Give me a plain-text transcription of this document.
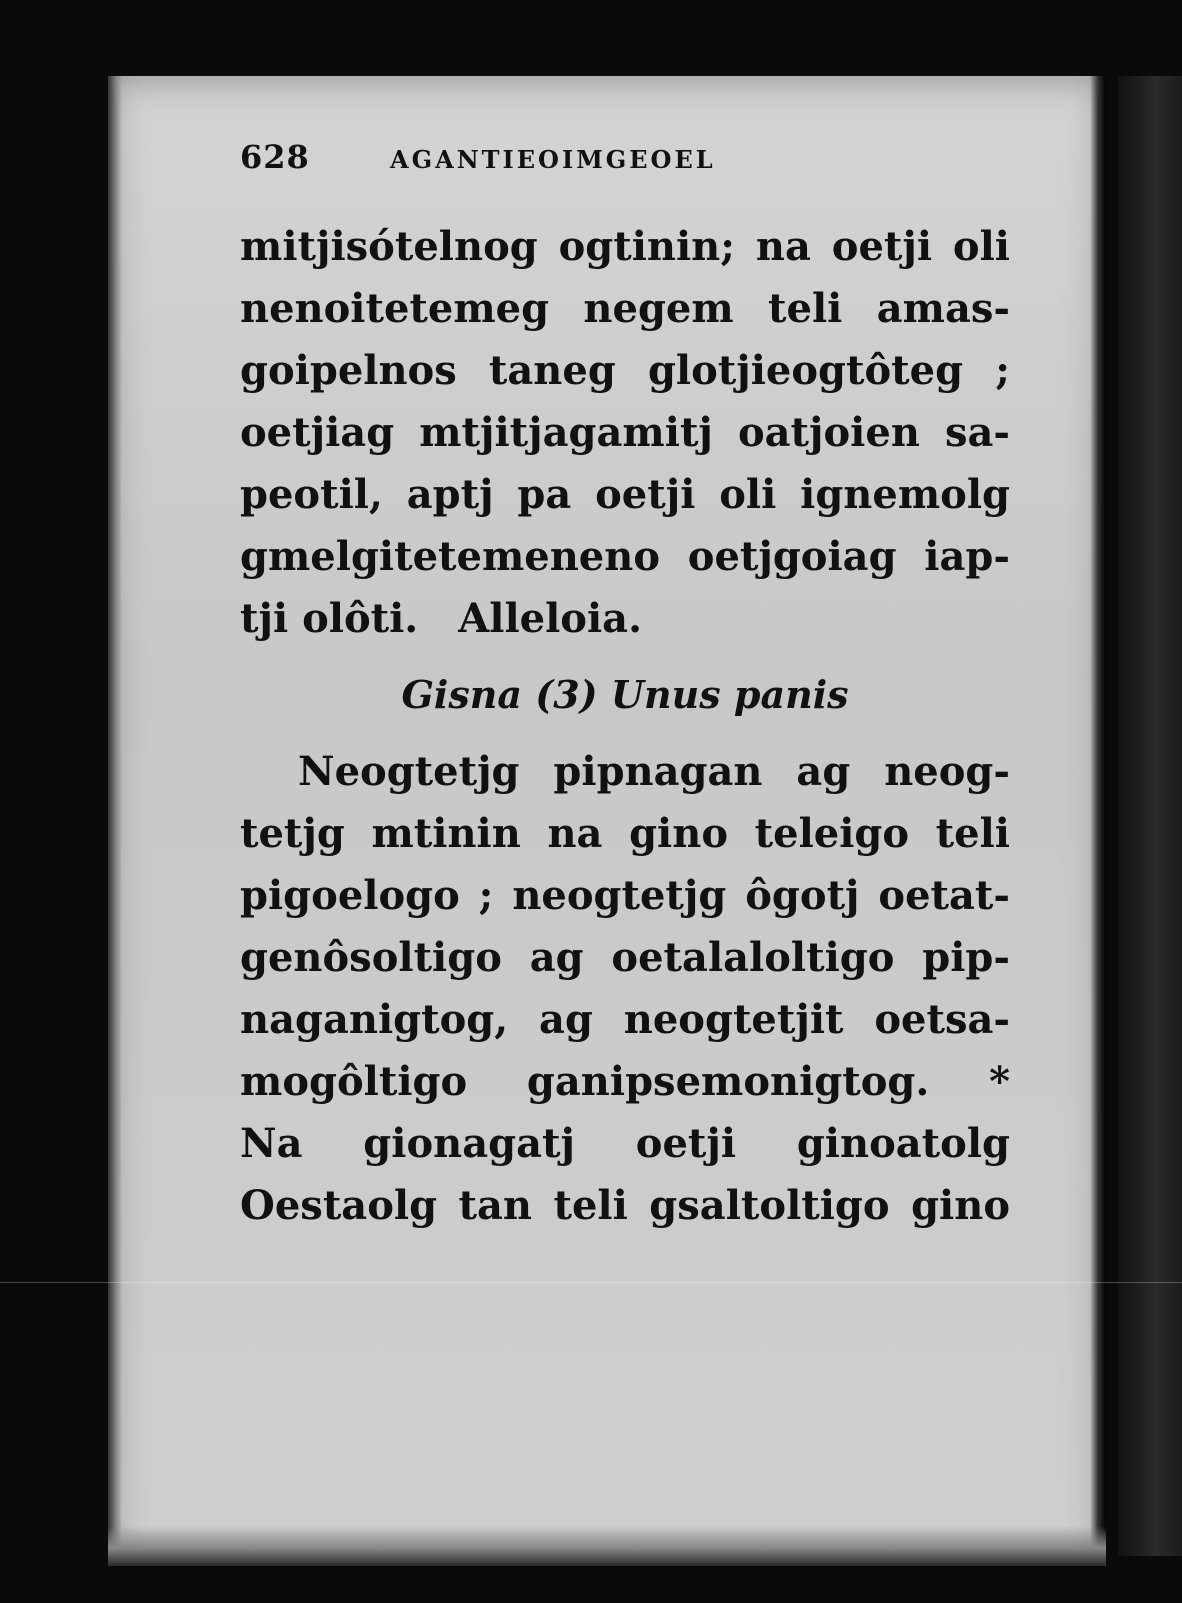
628	AGANTIEOIMGEOEL
mitjisótelnog ogtinin; na oetji oli
nenoitetemeg negem teli amas-
goipelnos taneg glotjieogtôteg ;
oetjiag mtjitjagamitj oatjoien sa-
peotil, aptj pa oetji oli ignemolg
gmelgitetemeneno oetjgoiag iap-
tji olôti. Alleloia.
Gisna (3) Unus panis
Neogtetjg pipnagan ag neog-
tetjg mtinin na gino teleigo teli
pigoelogo ; neogtetjg ôgotj oetat-
genôsoltigo ag oetalaloltigo pip-
naganigtog, ag neogtetjit oetsa-
mogôltigo ganipsemonigtog. *
Na gionagatj oetji ginoatolg
Oestaolg tan teli gsaltoltigo gino
